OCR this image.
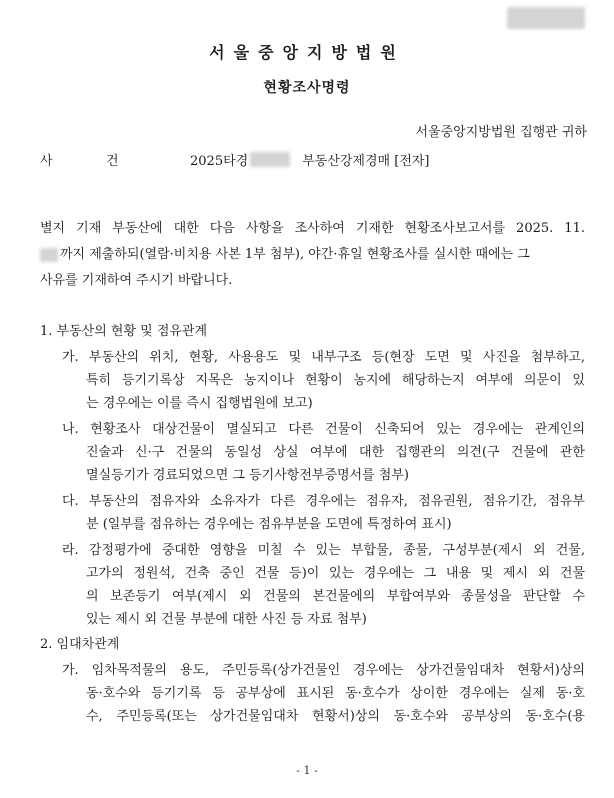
서울중앙지방법원
현황조사명령
서울중앙지방법원 집행관 귀하
사	건	2025타경	부동산강제경매 [전자]
별지 기재 부동산에 대한 다음 사항을 조사하여 기재한 현황조사보고서를 2025. 11.
까지 제출하되(열람·비치용 사본 1부 첨부), 야간·휴일 현황조사를 실시한 때에는 그
사유를 기재하여 주시기 바랍니다.
1. 부동산의 현황 및 점유관계
가. 부동산의 위치, 현황, 사용용도 및 내부구조 등(현장 도면 및 사진을 첨부하고,
특히 등기기록상 지목은 농지이나 현황이 농지에 해당하는지 여부에 의문이 있
는 경우에는 이를 즉시 집행법원에 보고)
나. 현황조사 대상건물이 멸실되고 다른 건물이 신축되어 있는 경우에는 관계인의
진술과 신·구 건물의 동일성 상실 여부에 대한 집행관의 의견(구 건물에 관한
멸실등기가 경료되었으면 그 등기사항전부증명서를 첨부)
다. 부동산의 점유자와 소유자가 다른 경우에는 점유자, 점유권원, 점유기간, 점유부
분 (일부를 점유하는 경우에는 점유부분을 도면에 특정하여 표시)
라. 감정평가에 중대한 영향을 미칠 수 있는 부합물, 종물, 구성부분(제시 외 건물,
고가의 정원석, 건축 중인 건물 등)이 있는 경우에는 그 내용 및 제시 외 건물
의 보존등기 여부(제시 외 건물의 본건물에의 부합여부와 종물성을 판단할 수
있는 제시 외 건물 부분에 대한 사진 등 자료 첨부)
2. 임대차관계
가. 임차목적물의 용도, 주민등록(상가건물인 경우에는 상가건물임대차 현황서)상의
동·호수와 등기기록 등 공부상에 표시된 동·호수가 상이한 경우에는 실제 동·호
수, 주민등록(또는 상가건물임대차 현황서)상의 동·호수와 공부상의 동·호수(용
- 1 -
